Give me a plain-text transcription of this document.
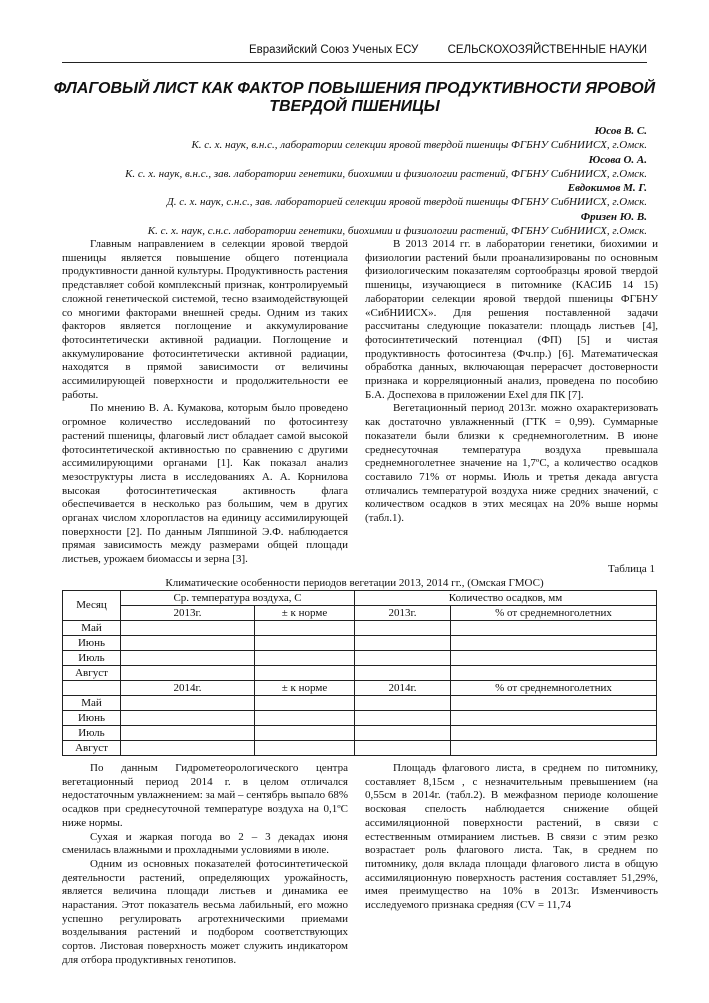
Евразийский Союз Ученых ЕСУ	СЕЛЬСКОХОЗЯЙСТВЕННЫЕ НАУКИ
ФЛАГОВЫЙ ЛИСТ КАК ФАКТОР ПОВЫШЕНИЯ ПРОДУКТИВНОСТИ ЯРОВОЙ
ТВЕРДОЙ ПШЕНИЦЫ
Юсов В. С.
К. с. х. наук, в.н.с., лаборатории селекции яровой твердой пшеницы ФГБНУ СибНИИСХ, г.Омск.
Юсова О. А.
К. с. х. наук, в.н.с., зав. лаборатории генетики, биохимии и физиологии растений, ФГБНУ СибНИИСХ, г.Омск.
Евдокимов М. Г.
Д. с. х. наук, с.н.с., зав. лабораторией селекции яровой твердой пшеницы ФГБНУ СибНИИСХ, г.Омск.
Фризен Ю. В.
К. с. х. наук, с.н.с. лаборатории генетики, биохимии и физиологии растений, ФГБНУ СибНИИСХ, г.Омск.

Главным направлением в селекции яровой твердой пшеницы является повышение общего потенциала продуктивности данной культуры. Продуктивность растения представляет собой комплексный признак, контролируемый сложной генетической системой, тесно взаимодействующей со многими факторами внешней среды. Одним из таких факторов является поглощение и аккумулирование фотосинтетически активной радиации. Поглощение и аккумулирование фотосинтетически активной радиации, находятся в прямой зависимости от величины ассимилирующей поверхности и продолжительности ее работы.

По мнению В. А. Кумакова, которым было проведено огромное количество исследований по фотосинтезу растений пшеницы, флаговый лист обладает самой высокой фотосинтетической активностью по сравнению с другими ассимилирующими органами [1]. Как показал анализ мезоструктуры листа в исследованиях А. А. Корнилова высокая фотосинтетическая активность флага обеспечивается в несколько раз большим, чем в других органах числом хлоропластов на единицу ассимилирующей поверхности [2]. По данным Ляпшиной Э.Ф. наблюдается прямая зависимость между размерами общей площади листьев, урожаем биомассы и зерна [3].

В 2013 2014 гг. в лаборатории генетики, биохимии и физиологии растений были проанализированы по основным физиологическим показателям сортообразцы яровой твердой пшеницы, изучающиеся в питомнике (КАСИБ 14 15) лаборатории селекции яровой твердой пшеницы ФГБНУ «СибНИИСХ». Для решения поставленной задачи рассчитаны следующие показатели: площадь листьев [4], фотосинтетический потенциал (ФП) [5] и чистая продуктивность фотосинтеза (Фч.пр.) [6]. Математическая обработка данных, включающая перерасчет достоверности признака и корреляционный анализ, проведена по пособию Б.А. Доспехова в приложении Exel для ПК [7].

Вегетационный период 2013г. можно охарактеризовать как достаточно увлажненный (ГТК = 0,99). Суммарные показатели были близки к среднемноголетним. В июне среднесуточная температура воздуха превышала среднемноголетнее значение на 1,7ºС, а количество осадков составило 71% от нормы. Июль и третья декада августа отличались температурой воздуха ниже средних значений, с количеством осадков в этих месяцах на 20% выше нормы (табл.1).

Таблица 1
Климатические особенности периодов вегетации 2013, 2014 гг., (Омская ГМОС)
Месяц	Ср. температура воздуха, С		Количество осадков, мм	
	2013г.	± к норме	2013г.	% от среднемноголетних
Май				
Июнь				
Июль				
Август				
	2014г.	± к норме	2014г.	% от среднемноголетних
Май				
Июнь				
Июль				
Август				

По данным Гидрометеорологического центра вегетационный период 2014 г. в целом отличался недостаточным увлажнением: за май – сентябрь выпало 68% осадков при среднесуточной температуре воздуха на 0,1ºС ниже нормы.

Сухая и жаркая погода во 2 – 3 декадах июня сменилась влажными и прохладными условиями в июле.

Одним из основных показателей фотосинтетической деятельности растений, определяющих урожайность, является величина площади листьев и динамика ее нарастания. Этот показатель весьма лабильный, его можно успешно регулировать агротехническими приемами возделывания растений и подбором соответствующих сортов. Листовая поверхность может служить индикатором для отбора продуктивных генотипов.

Площадь флагового листа, в среднем по питомнику, составляет 8,15см , с незначительным превышением (на 0,55см в 2014г. (табл.2). В межфазном периоде колошение восковая спелость наблюдается снижение общей ассимиляционной поверхности растений, в связи с естественным отмиранием листьев. В связи с этим резко возрастает роль флагового листа. Так, в среднем по питомнику, доля вклада площади флагового листа в общую ассимиляционную поверхность растения составляет 51,29%, имея преимущество на 10% в 2013г. Изменчивость исследуемого признака средняя (CV = 11,74
